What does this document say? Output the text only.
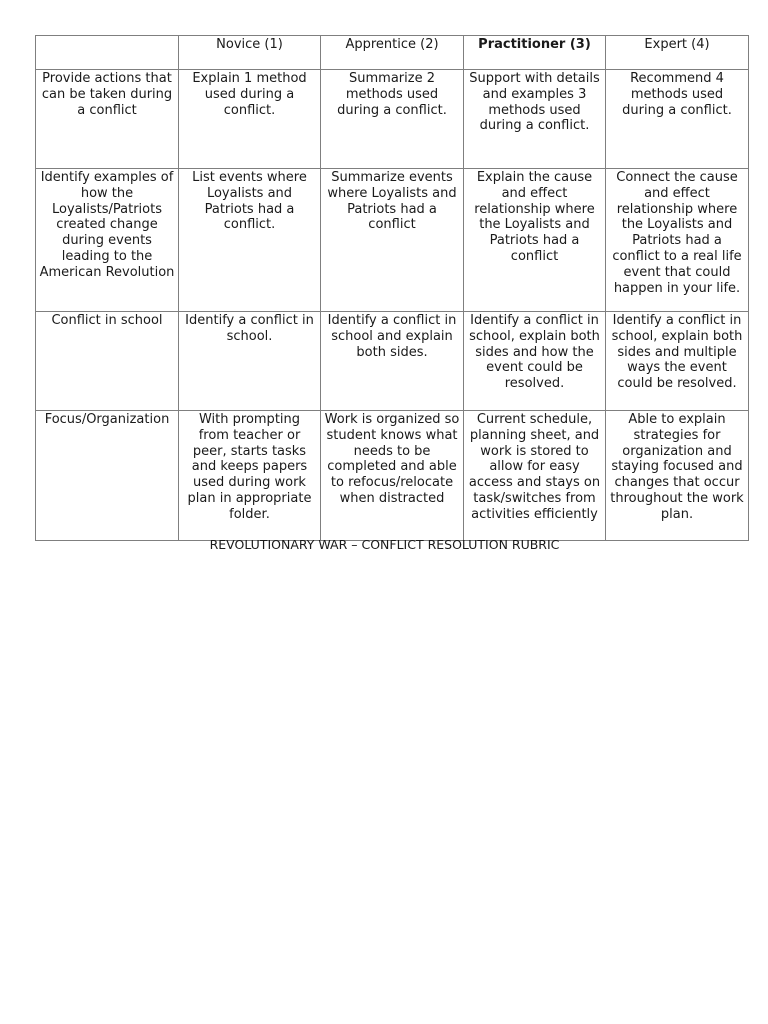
	Novice (1)	Apprentice (2)	Practitioner (3)	Expert (4)
Provide actions that can be taken during a conflict	Explain 1 method used during a conflict.	Summarize 2 methods used during a conflict.	Support with details and examples 3 methods used during a conflict.	Recommend 4 methods used during a conflict.
Identify examples of how the Loyalists/Patriots created change during events leading to the American Revolution	List events where Loyalists and Patriots had a conflict.	Summarize events where Loyalists and Patriots had a conflict	Explain the cause and effect relationship where the Loyalists and Patriots had a conflict	Connect the cause and effect relationship where the Loyalists and Patriots had a conflict to a real life event that could happen in your life.
Conflict in school	Identify a conflict in school.	Identify a conflict in school and explain both sides.	Identify a conflict in school, explain both sides and how the event could be resolved.	Identify a conflict in school, explain both sides and multiple ways the event could be resolved.
Focus/Organization	With prompting from teacher or peer, starts tasks and keeps papers used during work plan in appropriate folder.	Work is organized so student knows what needs to be completed and able to refocus/relocate when distracted	Current schedule, planning sheet, and work is stored to allow for easy access and stays on task/switches from activities efficiently	Able to explain strategies for organization and staying focused and changes that occur throughout the work plan.
REVOLUTIONARY WAR – CONFLICT RESOLUTION RUBRIC
